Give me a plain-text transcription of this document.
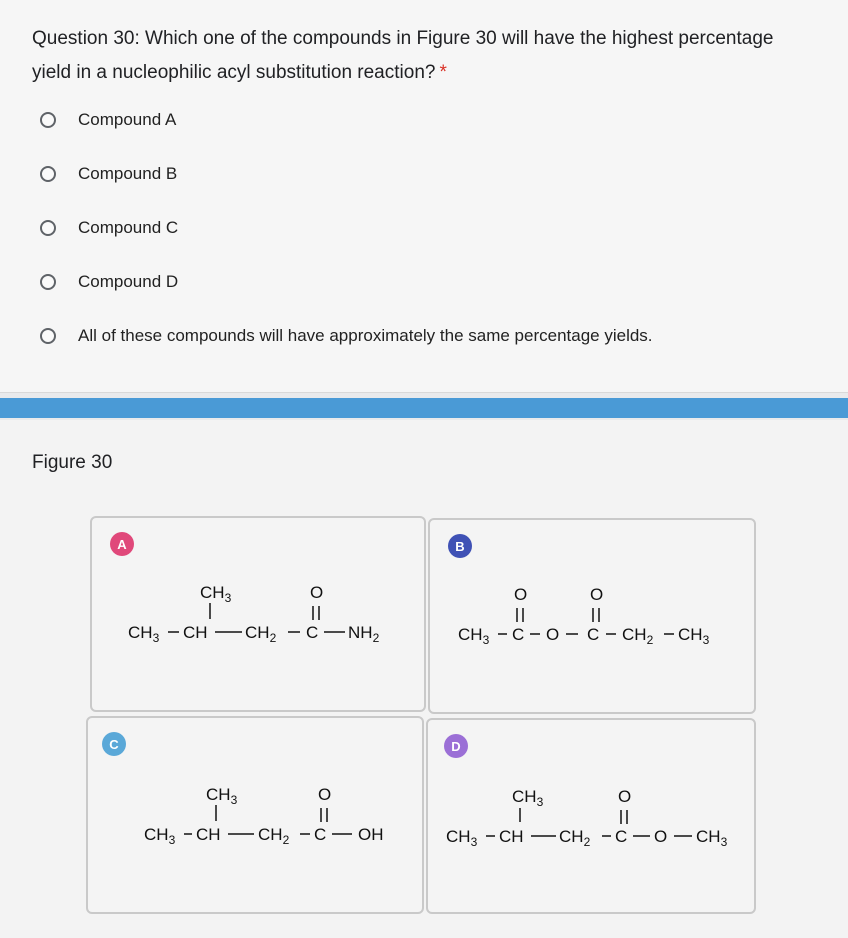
Question 30: Which one of the compounds in Figure 30 will have the highest percentage yield in a nucleophilic acyl substitution reaction? *
Compound A
Compound B
Compound C
Compound D
All of these compounds will have approximately the same percentage yields.
Figure 30
A
$CH_3$	O
$CH_3$ CH $CH_2$ C $NH_2$
B
O	O
$CH_3$ C O C $CH_2$ $CH_3$
C
$CH_3$	O
$CH_3$ CH $CH_2$ C OH
D
$CH_3$	O
$CH_3$ CH $CH_2$ C O $CH_3$
